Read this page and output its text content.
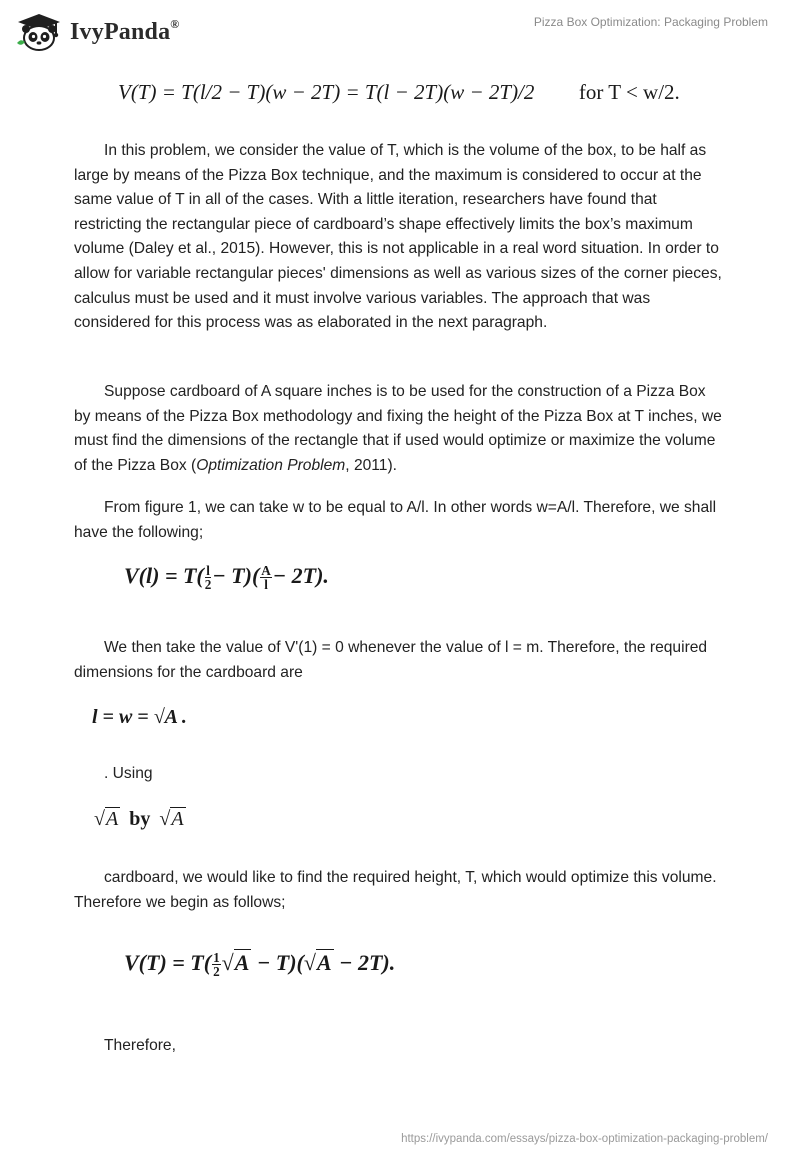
IvyPanda®	Pizza Box Optimization: Packaging Problem
V(T) = T(l/2 − T)(w − 2T) = T(l − 2T)(w − 2T)/2 for T < w/2.

In this problem, we consider the value of T, which is the volume of the box, to be half as large by means of the Pizza Box technique, and the maximum is considered to occur at the same value of T in all of the cases. With a little iteration, researchers have found that restricting the rectangular piece of cardboard’s shape effectively limits the box’s maximum volume (Daley et al., 2015). However, this is not applicable in a real word situation. In order to allow for variable rectangular pieces' dimensions as well as various sizes of the corner pieces, calculus must be used and it must involve various variables. The approach that was considered for this process was as elaborated in the next paragraph.

Suppose cardboard of A square inches is to be used for the construction of a Pizza Box by means of the Pizza Box methodology and fixing the height of the Pizza Box at T inches, we must find the dimensions of the rectangle that if used would optimize or maximize the volume of the Pizza Box (Optimization Problem, 2011).

From figure 1, we can take w to be equal to A/l. In other words w=A/l. Therefore, we shall have the following;

$V(l) = T( \frac{l}{2} - T)( \frac{A}{l} - 2T)$.

We then take the value of V'(1) = 0 whenever the value of l = m. Therefore, the required dimensions for the cardboard are

l = w = √A .

. Using

√A by √A

cardboard, we would like to find the required height, T, which would optimize this volume. Therefore we begin as follows;

$V(T) = T( \frac{1}{2} √A - T)(√A - 2T)$.

Therefore,

https://ivypanda.com/essays/pizza-box-optimization-packaging-problem/
